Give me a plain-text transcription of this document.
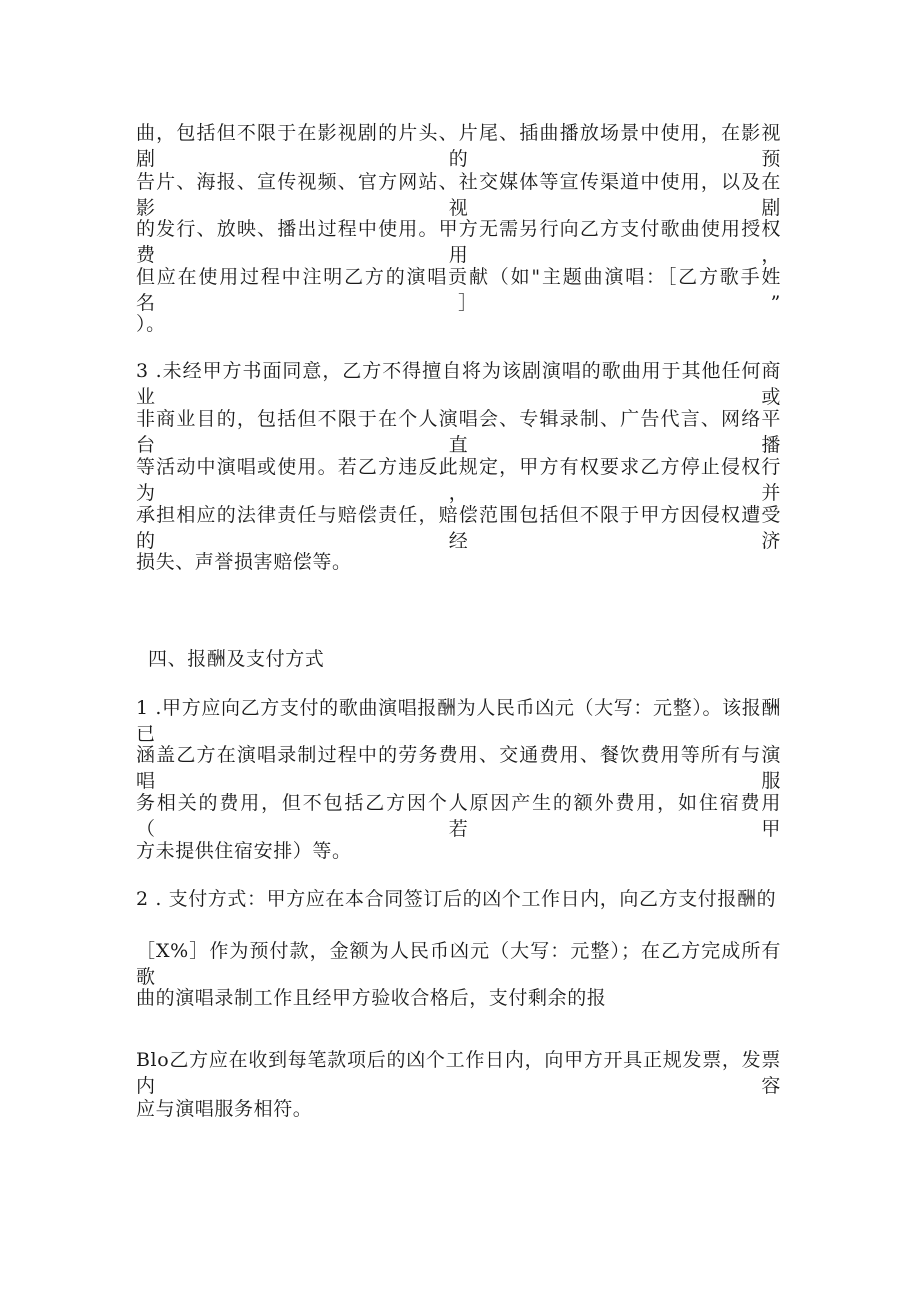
曲，包括但不限于在影视剧的片头、片尾、插曲播放场景中使用，在影视剧的预
告片、海报、宣传视频、官方网站、社交媒体等宣传渠道中使用，以及在影视剧
的发行、放映、播出过程中使用。甲方无需另行向乙方支付歌曲使用授权费用，
但应在使用过程中注明乙方的演唱贡献（如"主题曲演唱：［乙方歌手姓名］”
）。
3 .未经甲方书面同意，乙方不得擅自将为该剧演唱的歌曲用于其他任何商业或
非商业目的，包括但不限于在个人演唱会、专辑录制、广告代言、网络平台直播
等活动中演唱或使用。若乙方违反此规定，甲方有权要求乙方停止侵权行为，并
承担相应的法律责任与赔偿责任，赔偿范围包括但不限于甲方因侵权遭受的经济
损失、声誉损害赔偿等。
四、报酬及支付方式
1 .甲方应向乙方支付的歌曲演唱报酬为人民币凶元（大写：元整）。该报酬已
涵盖乙方在演唱录制过程中的劳务费用、交通费用、餐饮费用等所有与演唱服
务相关的费用，但不包括乙方因个人原因产生的额外费用，如住宿费用（若甲
方未提供住宿安排）等。
2 . 支付方式：甲方应在本合同签订后的凶个工作日内，向乙方支付报酬的
［X%］作为预付款，金额为人民币凶元（大写：元整）；在乙方完成所有歌
曲的演唱录制工作且经甲方验收合格后，支付剩余的报
Blo乙方应在收到每笔款项后的凶个工作日内，向甲方开具正规发票，发票内容
应与演唱服务相符。
